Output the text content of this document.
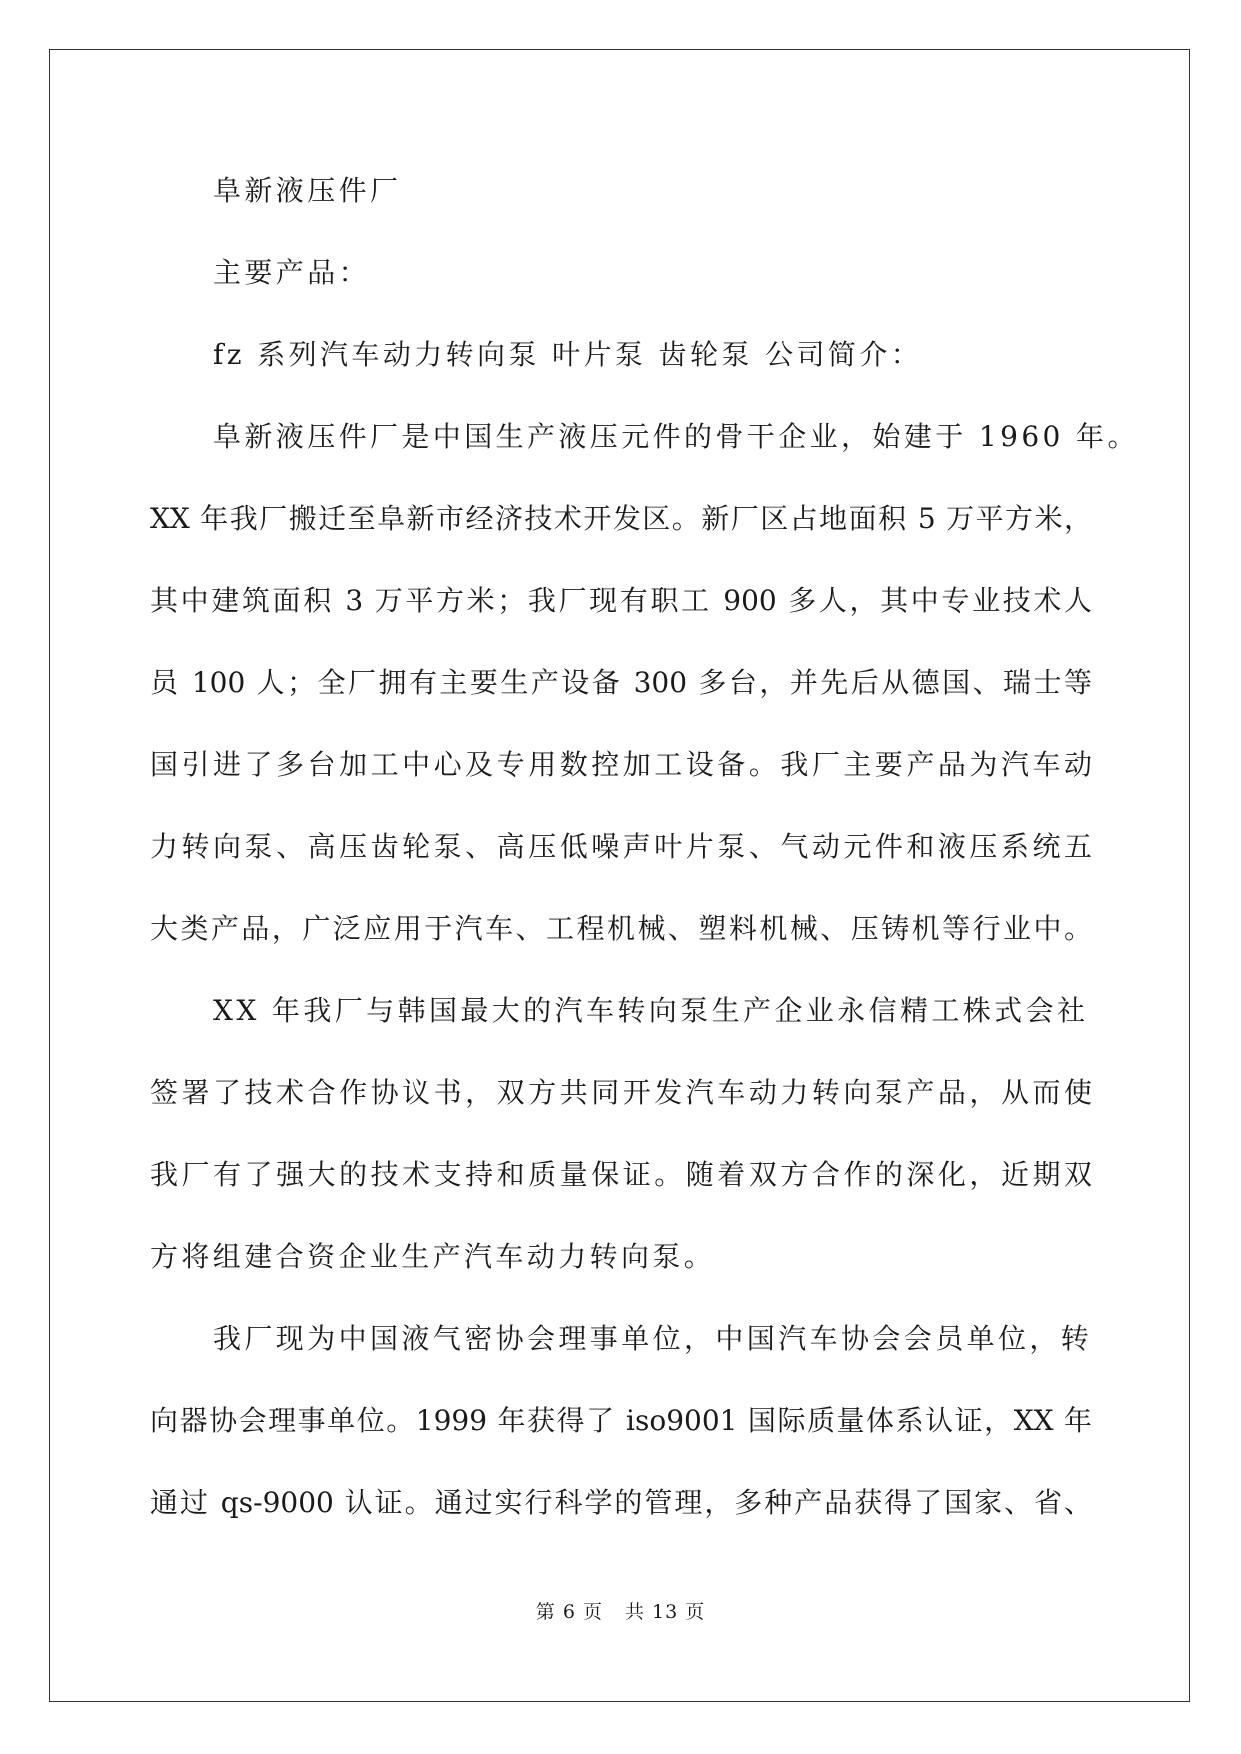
阜新液压件厂
主要产品：
fz 系列汽车动力转向泵 叶片泵 齿轮泵 公司简介：
阜新液压件厂是中国生产液压元件的骨干企业，始建于 1960 年。
XX 年我厂搬迁至阜新市经济技术开发区。新厂区占地面积 5 万平方米，
其中建筑面积 3 万平方米；我厂现有职工 900 多人，其中专业技术人
员 100 人；全厂拥有主要生产设备 300 多台，并先后从德国、瑞士等
国引进了多台加工中心及专用数控加工设备。我厂主要产品为汽车动
力转向泵、高压齿轮泵、高压低噪声叶片泵、气动元件和液压系统五
大类产品，广泛应用于汽车、工程机械、塑料机械、压铸机等行业中。
XX 年我厂与韩国最大的汽车转向泵生产企业永信精工株式会社
签署了技术合作协议书，双方共同开发汽车动力转向泵产品，从而使
我厂有了强大的技术支持和质量保证。随着双方合作的深化，近期双
方将组建合资企业生产汽车动力转向泵。
我厂现为中国液气密协会理事单位，中国汽车协会会员单位，转
向器协会理事单位。1999 年获得了 iso9001 国际质量体系认证，XX 年
通过 qs-9000 认证。通过实行科学的管理，多种产品获得了国家、省、
第 6 页 共 13 页
